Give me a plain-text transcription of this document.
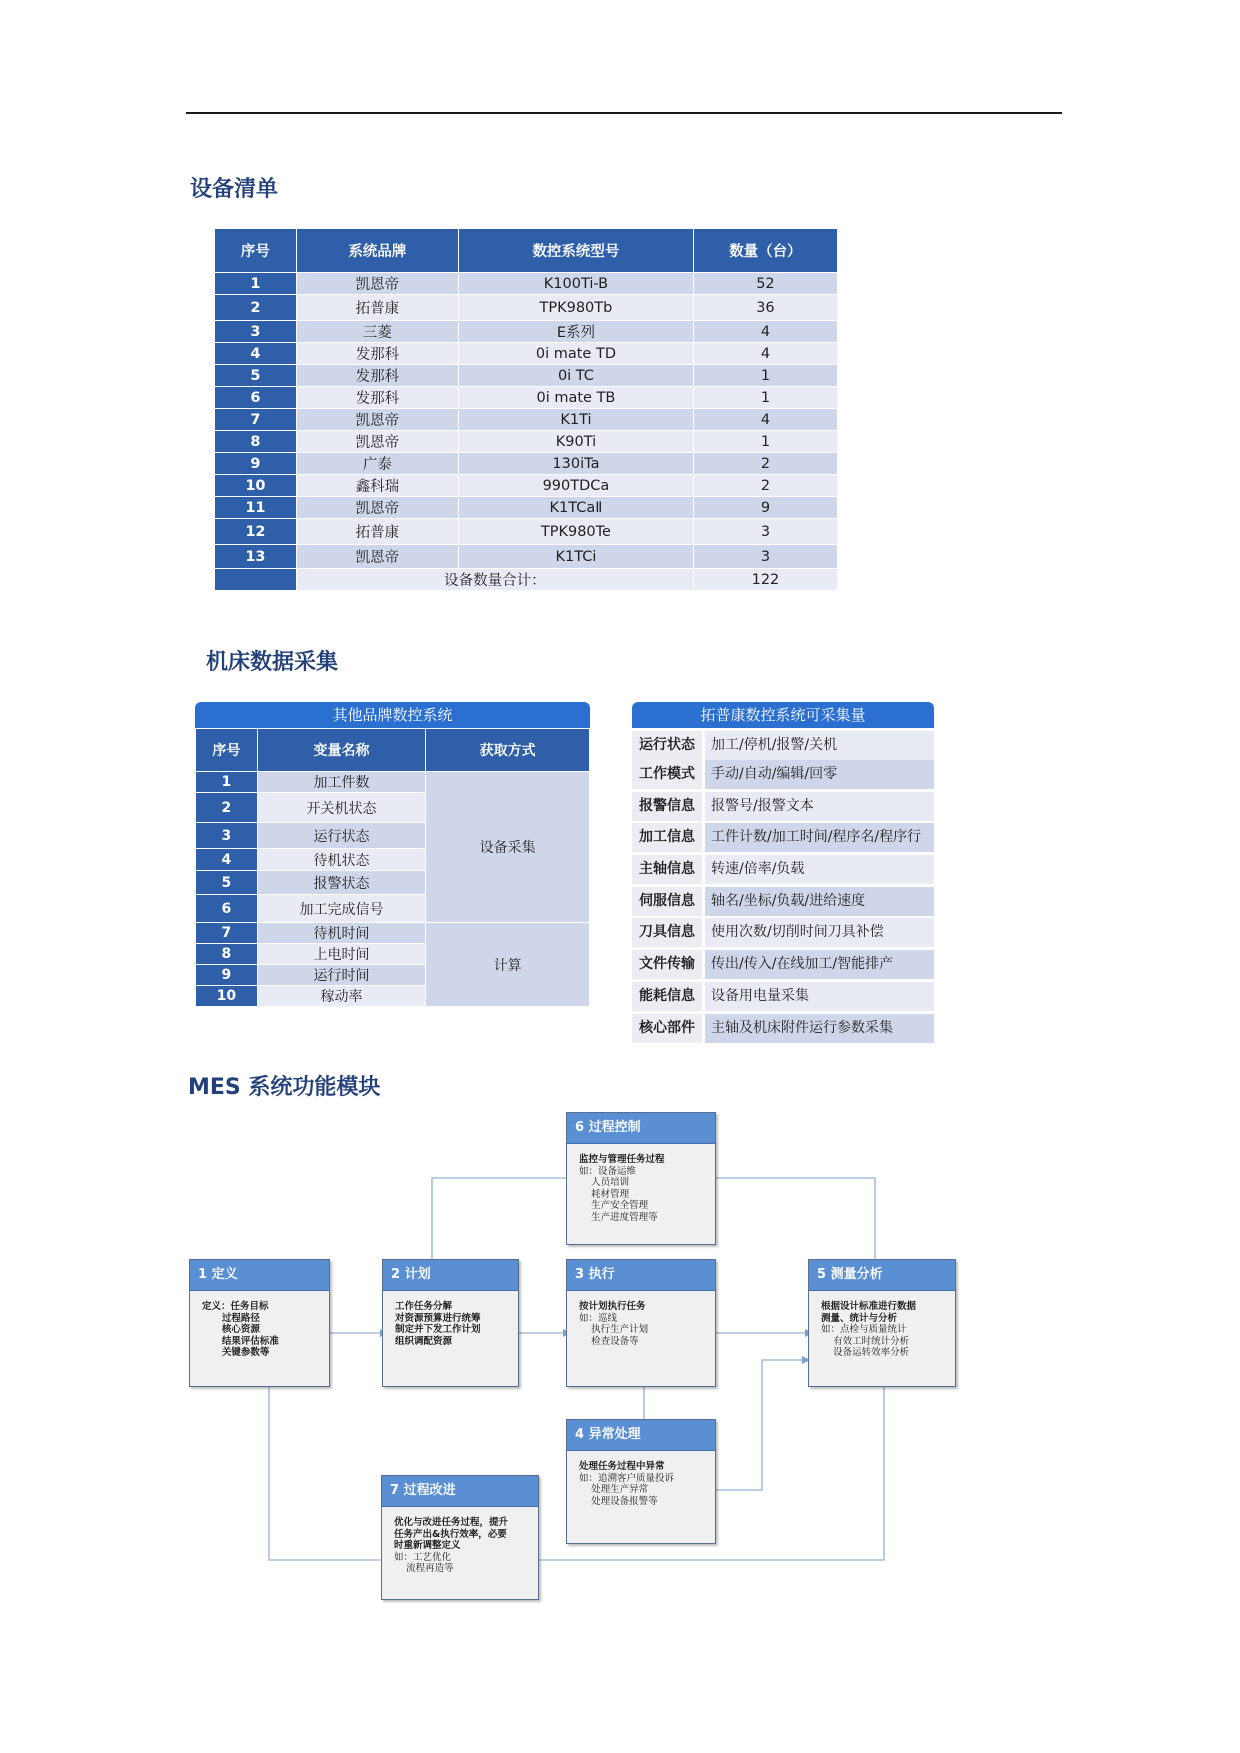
设备清单
序号	系统品牌	数控系统型号	数量（台）
1	凯恩帝	K100Ti-B	52
2	拓普康	TPK980Tb	36
3	三菱	E系列	4
4	发那科	0i mate TD	4
5	发那科	0i TC	1
6	发那科	0i mate TB	1
7	凯恩帝	K1Ti	4
8	凯恩帝	K90Ti	1
9	广泰	130iTa	2
10	鑫科瑞	990TDCa	2
11	凯恩帝	K1TCaⅡ	9
12	拓普康	TPK980Te	3
13	凯恩帝	K1TCi	3
	设备数量合计：		122
机床数据采集
其他品牌数控系统
序号	变量名称	获取方式
1	加工件数	设备采集
2	开关机状态	
3	运行状态	
4	待机状态	
5	报警状态	
6	加工完成信号	
7	待机时间	计算
8	上电时间	
9	运行时间	
10	稼动率	
拓普康数控系统可采集量
运行状态	加工/停机/报警/关机
工作模式	手动/自动/编辑/回零
报警信息	报警号/报警文本
加工信息	工件计数/加工时间/程序名/程序行
主轴信息	转速/倍率/负载
伺服信息	轴名/坐标/负载/进给速度
刀具信息	使用次数/切削时间刀具补偿
文件传输	传出/传入/在线加工/智能排产
能耗信息	设备用电量采集
核心部件	主轴及机床附件运行参数采集
MES 系统功能模块
1 定义
定义：任务目标
过程路径
核心资源
结果评估标准
关键参数等
2 计划
工作任务分解
对资源预算进行统筹
制定并下发工作计划
组织调配资源
3 执行
按计划执行任务
如：巡线
执行生产计划
检查设备等
5 测量分析
根据设计标准进行数据
测量、统计与分析
如：点检与质量统计
有效工时统计分析
设备运转效率分析
6 过程控制
监控与管理任务过程
如：设备运维
人员培训
耗材管理
生产安全管理
生产进度管理等
4 异常处理
处理任务过程中异常
如：追溯客户质量投诉
处理生产异常
处理设备报警等
7 过程改进
优化与改进任务过程，提升
任务产出&执行效率，必要
时重新调整定义
如：工艺优化
流程再造等
